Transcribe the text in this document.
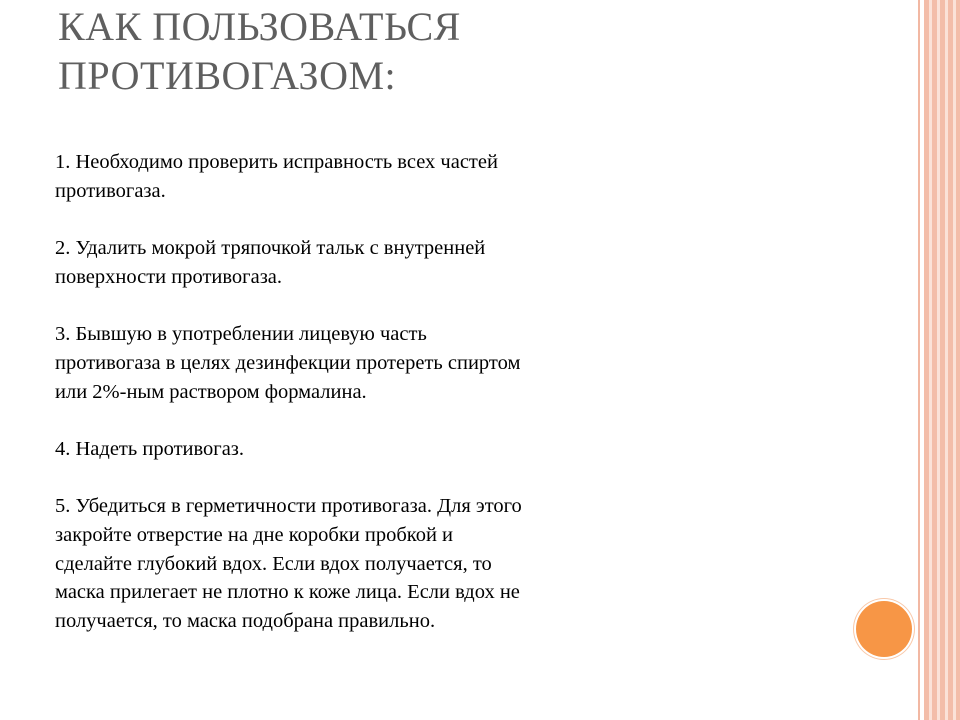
КАК ПОЛЬЗОВАТЬСЯ
ПРОТИВОГАЗОМ:

1. Необходимо проверить исправность всех частей
противогаза.

2. Удалить мокрой тряпочкой тальк с внутренней
поверхности противогаза.

3. Бывшую в употреблении лицевую часть
противогаза в целях дезинфекции протереть спиртом
или 2%-ным раствором формалина.

4. Надеть противогаз.

5. Убедиться в герметичности противогаза. Для этого
закройте отверстие на дне коробки пробкой и
сделайте глубокий вдох. Если вдох получается, то
маска прилегает не плотно к коже лица. Если вдох не
получается, то маска подобрана правильно.
